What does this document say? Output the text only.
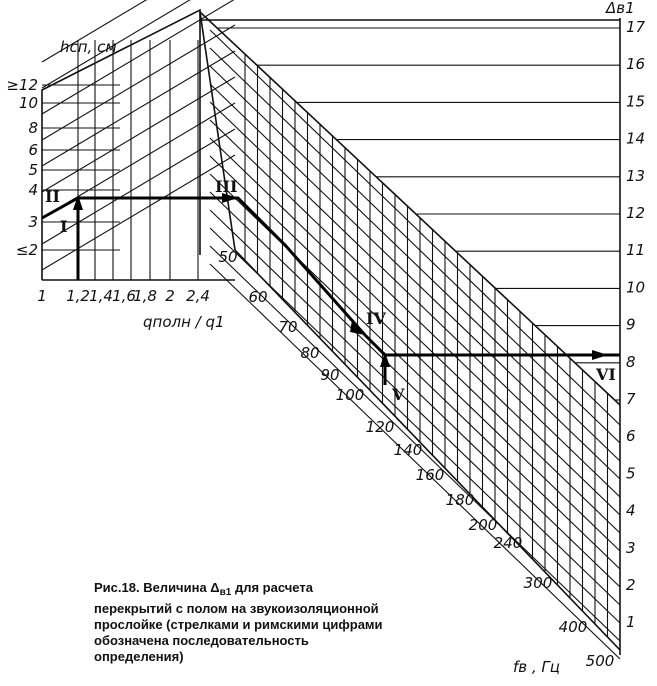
hсп, см
qполн / q1
Δв1
fв , Гц
≥12
10
8
6
5
4
3
≤2
1 1,2 1,4 1,6
1,8 2 2,4
17
16
15
14
13
12
11
10
9
8
7
6
5
4
3
2
1
50
60
70
80
90
100
120
140
160
180
200
240
300
400
500
II
I
III
IV
V
VI
Рис.18. Величина $\Delta_{в1}$ для расчета перекрытий с полом на звукоизоляционной прослойке (стрелками и римскими цифрами обозначена последовательность определения)
